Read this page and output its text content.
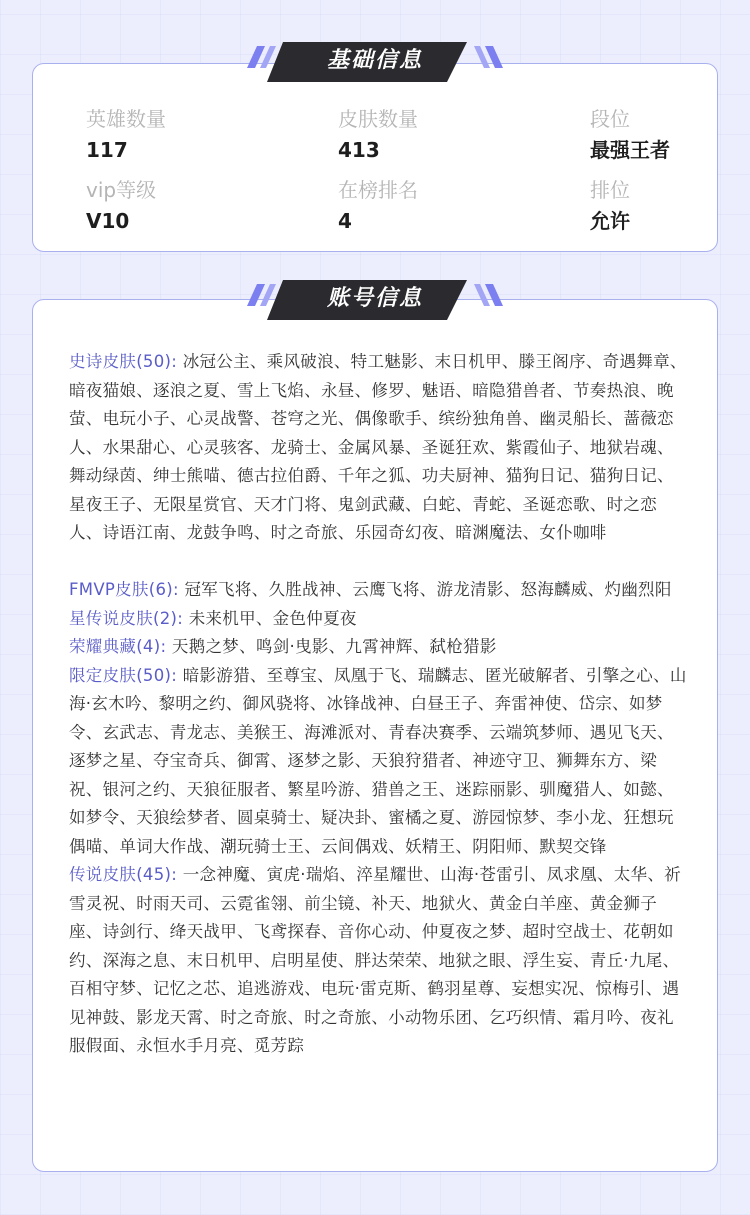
英雄数量
117
皮肤数量
413
段位
最强王者
vip等级
V10
在榜排名
4
排位
允许
基础信息

史诗皮肤(50): 冰冠公主、乘风破浪、特工魅影、末日机甲、滕王阁序、奇遇舞章、暗夜猫娘、逐浪之夏、雪上飞焰、永昼、修罗、魅语、暗隐猎兽者、节奏热浪、晚萤、电玩小子、心灵战警、苍穹之光、偶像歌手、缤纷独角兽、幽灵船长、蔷薇恋人、水果甜心、心灵骇客、龙骑士、金属风暴、圣诞狂欢、紫霞仙子、地狱岩魂、舞动绿茵、绅士熊喵、德古拉伯爵、千年之狐、功夫厨神、猫狗日记、猫狗日记、星夜王子、无限星赏官、天才门将、鬼剑武藏、白蛇、青蛇、圣诞恋歌、时之恋人、诗语江南、龙鼓争鸣、时之奇旅、乐园奇幻夜、暗渊魔法、女仆咖啡

FMVP皮肤(6): 冠军飞将、久胜战神、云鹰飞将、游龙清影、怒海麟威、灼幽烈阳

星传说皮肤(2): 未来机甲、金色仲夏夜

荣耀典藏(4): 天鹅之梦、鸣剑·曳影、九霄神辉、弑枪猎影

限定皮肤(50): 暗影游猎、至尊宝、凤凰于飞、瑞麟志、匿光破解者、引擎之心、山海·玄木吟、黎明之约、御风骁将、冰锋战神、白昼王子、奔雷神使、岱宗、如梦令、玄武志、青龙志、美猴王、海滩派对、青春决赛季、云端筑梦师、遇见飞天、逐梦之星、夺宝奇兵、御霄、逐梦之影、天狼狩猎者、神迹守卫、狮舞东方、梁祝、银河之约、天狼征服者、繁星吟游、猎兽之王、迷踪丽影、驯魔猎人、如懿、如梦令、天狼绘梦者、圆桌骑士、疑决卦、蜜橘之夏、游园惊梦、李小龙、狂想玩偶喵、单词大作战、潮玩骑士王、云间偶戏、妖精王、阴阳师、默契交锋

传说皮肤(45): 一念神魔、寅虎·瑞焰、淬星耀世、山海·苍雷引、凤求凰、太华、祈雪灵祝、时雨天司、云霓雀翎、前尘镜、补天、地狱火、黄金白羊座、黄金狮子座、诗剑行、绛天战甲、飞鸢探春、音你心动、仲夏夜之梦、超时空战士、花朝如约、深海之息、末日机甲、启明星使、胖达荣荣、地狱之眼、浮生妄、青丘·九尾、百相守梦、记忆之芯、追逃游戏、电玩·雷克斯、鹤羽星尊、妄想实况、惊梅引、遇见神鼓、影龙天霄、时之奇旅、时之奇旅、小动物乐团、乞巧织情、霜月吟、夜礼服假面、永恒水手月亮、觅芳踪

账号信息
